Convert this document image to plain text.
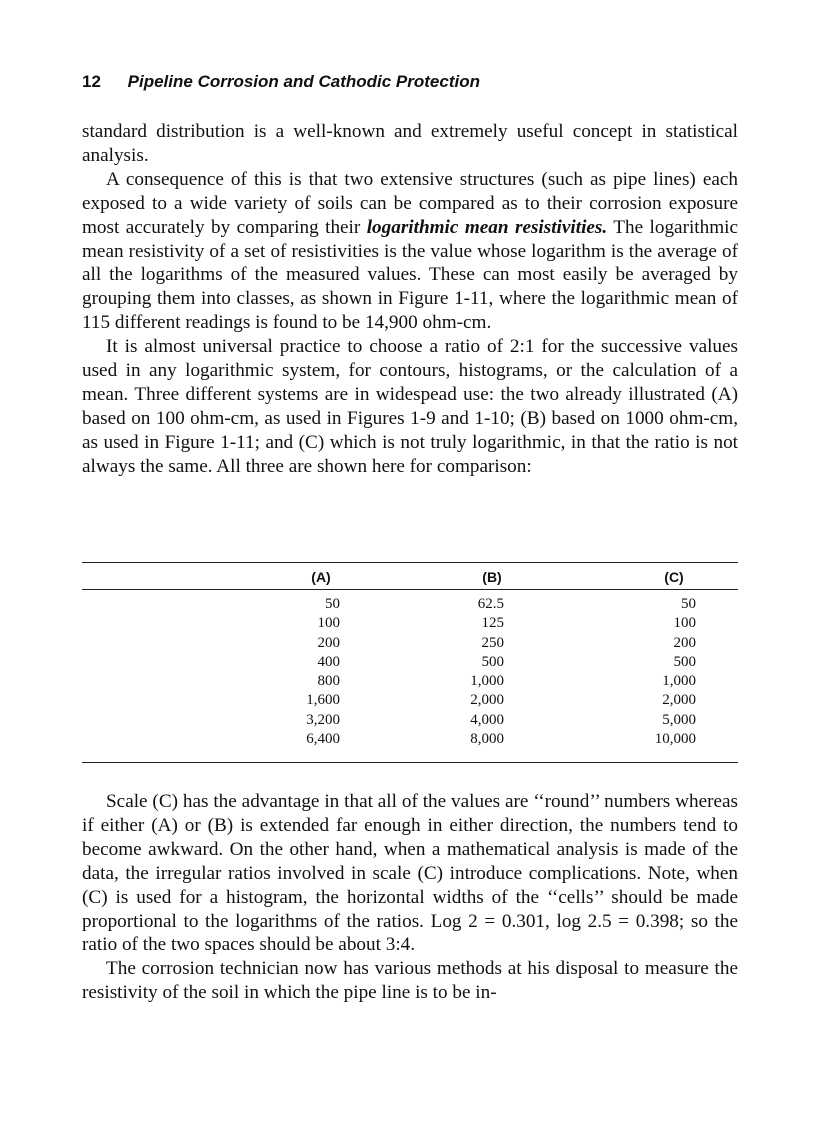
12 Pipeline Corrosion and Cathodic Protection

standard distribution is a well-known and extremely useful concept in statistical analysis.

A consequence of this is that two extensive structures (such as pipe lines) each exposed to a wide variety of soils can be compared as to their corrosion exposure most accurately by comparing their logarithmic mean resistivities. The logarithmic mean resistivity of a set of resistivities is the value whose logarithm is the average of all the logarithms of the measured values. These can most easily be averaged by grouping them into classes, as shown in Figure 1-11, where the logarithmic mean of 115 different readings is found to be 14,900 ohm-cm.

It is almost universal practice to choose a ratio of 2:1 for the successive values used in any logarithmic system, for contours, histograms, or the calculation of a mean. Three different systems are in widespead use: the two already illustrated (A) based on 100 ohm-cm, as used in Figures 1-9 and 1-10; (B) based on 1000 ohm-cm, as used in Figure 1-11; and (C) which is not truly logarithmic, in that the ratio is not always the same. All three are shown here for comparison:

(A)	(B)	(C)
50	62.5	50
100	125	100
200	250	200
400	500	500
800	1,000	1,000
1,600	2,000	2,000
3,200	4,000	5,000
6,400	8,000	10,000

Scale (C) has the advantage in that all of the values are ‘‘round’’ numbers whereas if either (A) or (B) is extended far enough in either direction, the numbers tend to become awkward. On the other hand, when a mathematical analysis is made of the data, the irregular ratios involved in scale (C) introduce complications. Note, when (C) is used for a histogram, the horizontal widths of the ‘‘cells’’ should be made proportional to the logarithms of the ratios. Log 2 = 0.301, log 2.5 = 0.398; so the ratio of the two spaces should be about 3:4.

The corrosion technician now has various methods at his disposal to measure the resistivity of the soil in which the pipe line is to be in-
